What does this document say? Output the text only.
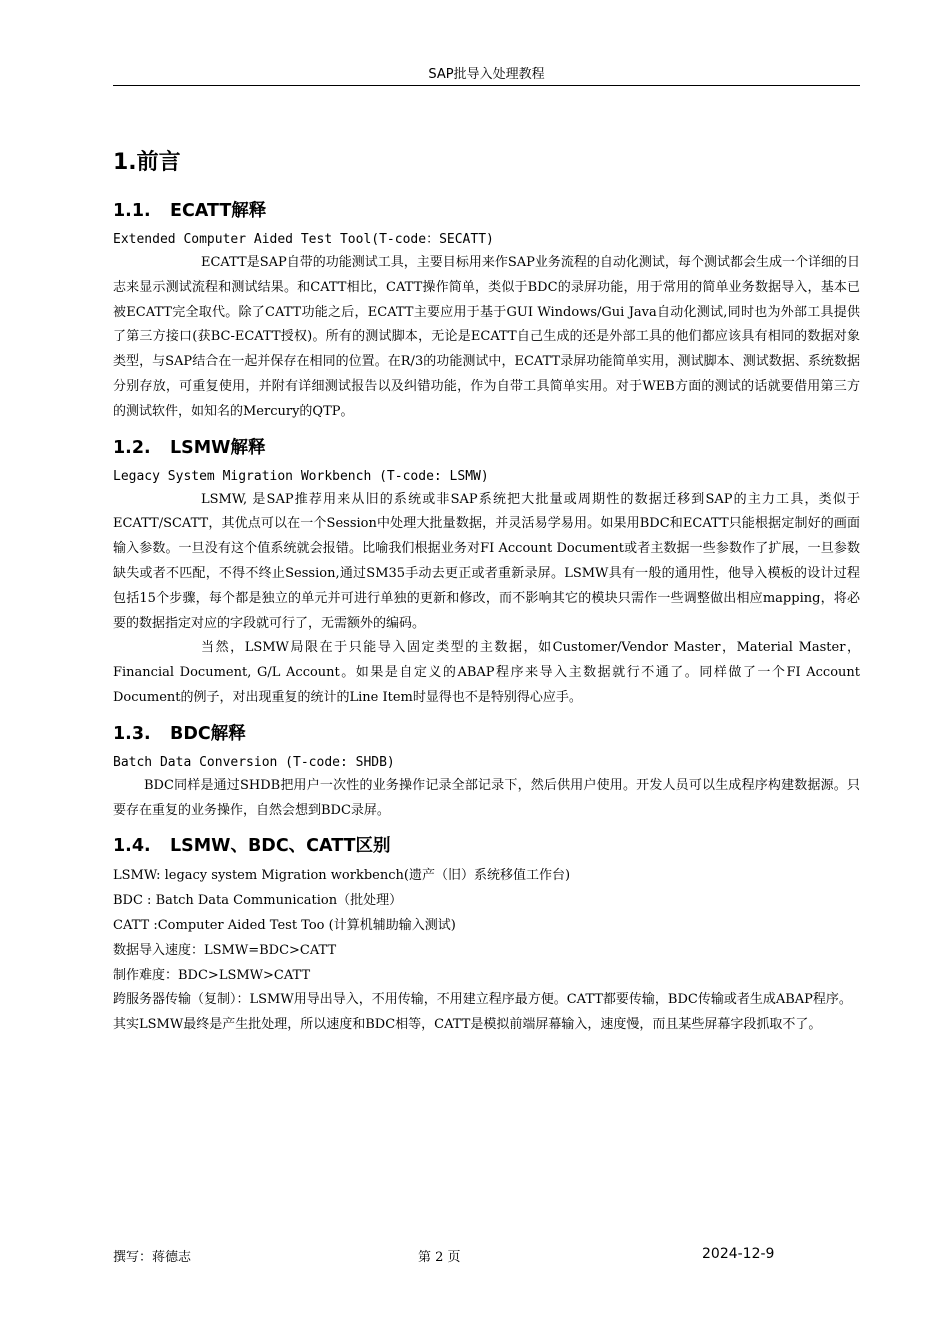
SAP批导入处理教程
1.前言
1.1. ECATT解释

Extended Computer Aided Test Tool(T-code：SECATT)

ECATT是SAP自带的功能测试工具，主要目标用来作SAP业务流程的自动化测试，每个测试都会生成一个详细的日志来显示测试流程和测试结果。和CATT相比，CATT操作简单，类似于BDC的录屏功能，用于常用的简单业务数据导入，基本已被ECATT完全取代。除了CATT功能之后，ECATT主要应用于基于GUI Windows/Gui Java自动化测试,同时也为外部工具提供了第三方接口(获BC-ECATT授权)。所有的测试脚本，无论是ECATT自己生成的还是外部工具的他们都应该具有相同的数据对象类型，与SAP结合在一起并保存在相同的位置。在R/3的功能测试中，ECATT录屏功能简单实用，测试脚本、测试数据、系统数据分别存放，可重复使用，并附有详细测试报告以及纠错功能，作为自带工具简单实用。对于WEB方面的测试的话就要借用第三方的测试软件，如知名的Mercury的QTP。

1.2. LSMW解释

Legacy System Migration Workbench (T-code: LSMW)

LSMW, 是SAP推荐用来从旧的系统或非SAP系统把大批量或周期性的数据迁移到SAP的主力工具，类似于ECATT/SCATT，其优点可以在一个Session中处理大批量数据，并灵活易学易用。如果用BDC和ECATT只能根据定制好的画面输入参数。一旦没有这个值系统就会报错。比喻我们根据业务对FI Account Document或者主数据一些参数作了扩展，一旦参数缺失或者不匹配，不得不终止Session,通过SM35手动去更正或者重新录屏。LSMW具有一般的通用性，他导入模板的设计过程包括15个步骤，每个都是独立的单元并可进行单独的更新和修改，而不影响其它的模块只需作一些调整做出相应mapping，将必要的数据指定对应的字段就可行了，无需额外的编码。

当然，LSMW局限在于只能导入固定类型的主数据，如Customer/Vendor Master，Material Master，Financial Document, G/L Account。如果是自定义的ABAP程序来导入主数据就行不通了。同样做了一个FI Account Document的例子，对出现重复的统计的Line Item时显得也不是特别得心应手。

1.3. BDC解释

Batch Data Conversion (T-code: SHDB)

BDC同样是通过SHDB把用户一次性的业务操作记录全部记录下，然后供用户使用。开发人员可以生成程序构建数据源。只要存在重复的业务操作，自然会想到BDC录屏。

1.4. LSMW、BDC、CATT区别

LSMW: legacy system Migration workbench(遗产（旧）系统移值工作台)

BDC : Batch Data Communication（批处理）

CATT :Computer Aided Test Too (计算机辅助输入测试)

数据导入速度：LSMW=BDC>CATT

制作难度：BDC>LSMW>CATT

跨服务器传输（复制）：LSMW用导出导入，不用传输，不用建立程序最方便。CATT都要传输，BDC传输或者生成ABAP程序。

其实LSMW最终是产生批处理，所以速度和BDC相等，CATT是模拟前端屏幕输入，速度慢，而且某些屏幕字段抓取不了。

撰写：蒋德志	第 2 页	2024-12-9
